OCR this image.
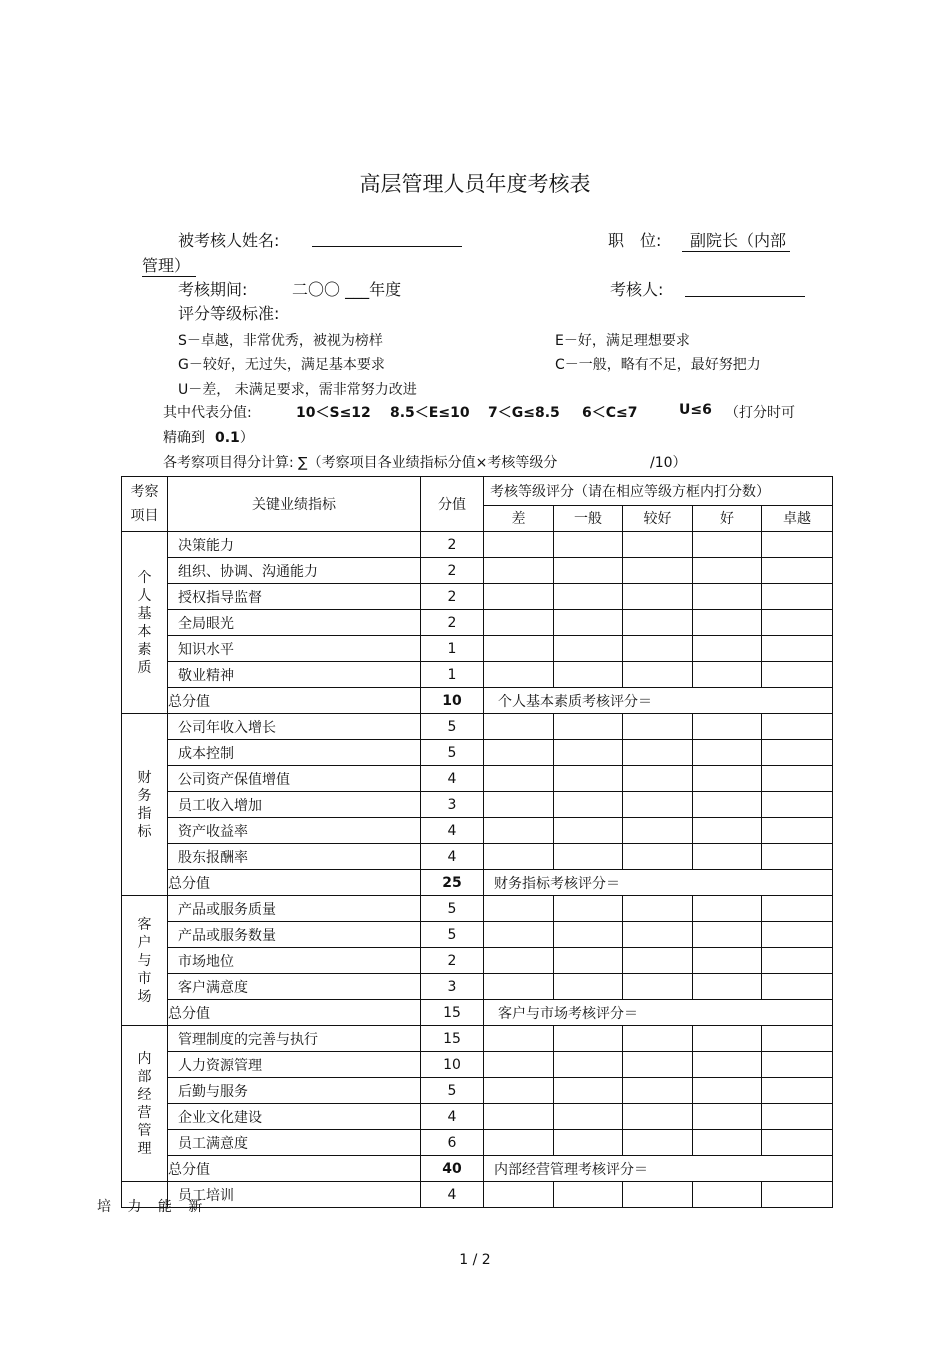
高层管理人员年度考核表
被考核人姓名:	职　位:	副院长（内部
管理）
考核期间:	二〇〇 ___年度	考核人:
评分等级标准:
S－卓越，非常优秀，被视为榜样	E－好，满足理想要求
G－较好，无过失，满足基本要求	C－一般，略有不足，最好努把力
U－差， 未满足要求，需非常努力改进
其中代表分值:	10＜S≤12 8.5＜E≤10 7＜G≤8.5 6＜C≤7	U≤6 （打分时可
精确到 0.1）
各考察项目得分计算: ∑（考察项目各业绩指标分值×考核等级分	/10）
考察
项目	关键业绩指标	分值	考核等级评分（请在相应等级方框内打分数）				
			差	一般	较好	好	卓越

个人基本素质	决策能力	2					
	组织、协调、沟通能力	2					
	授权指导监督	2					
	全局眼光	2					
	知识水平	1					
	敬业精神	1					
	总分值	10	个人基本素质考核评分＝				

财务指标	公司年收入增长	5					
	成本控制	5					
	公司资产保值增值	4					
	员工收入增加	3					
	资产收益率	4					
	股东报酬率	4					
	总分值	25	财务指标考核评分＝				

客户与市场	产品或服务质量	5					
	产品或服务数量	5					
	市场地位	2					
	客户满意度	3					
	总分值	15	客户与市场考核评分＝				

内部经营管理	管理制度的完善与执行	15					
	人力资源管理	10					
	后勤与服务	5					
	企业文化建设	4					
	员工满意度	6					
	总分值	40	内部经营管理考核评分＝				
	员工培训	4					
培 力 能 新
1 / 2
